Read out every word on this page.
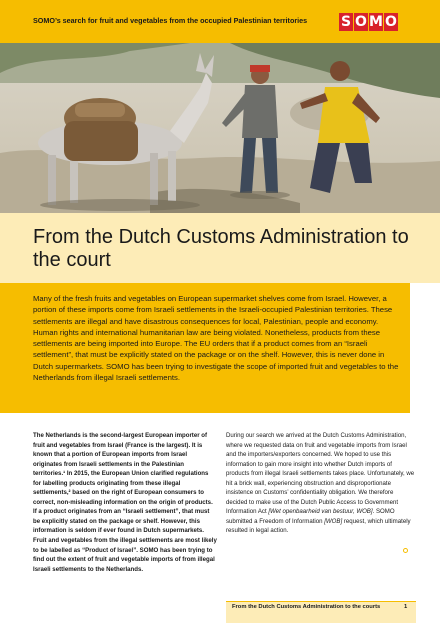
SOMO’s search for fruit and vegetables from the occupied Palestinian territories S O M O
From the Dutch Customs Administration to the court

Many of the fresh fruits and vegetables on European supermarket shelves come from Israel. However, a portion of these imports come from Israeli settlements in the Israeli-occupied Palestinian territories. These settlements are illegal and have disastrous consequences for local, Palestinian, people and economy. Human rights and international humanitarian law are being violated. Nonetheless, products from these settlements are being imported into Europe. The EU orders that if a product comes from an “Israeli settlement”, that must be explicitly stated on the package or on the shelf. However, this is never done in Dutch supermarkets. SOMO has been trying to investigate the scope of imported fruit and vegetables to the Netherlands from illegal Israeli settlements.

The Netherlands is the second-largest European importer of fruit and vegetables from Israel (France is the largest). It is known that a portion of European imports from Israel originates from Israeli settlements in the Palestinian territories.¹ In 2015, the European Union clarified regulations for labelling products originating from these illegal settlements,² based on the right of European consumers to correct, non-misleading information on the origin of products. If a product originates from an “Israeli settlement”, that must be explicitly stated on the package or shelf. However, this information is seldom if ever found in Dutch supermarkets. Fruit and vegetables from the illegal settlements are most likely to be labelled as “Product of Israel”. SOMO has been trying to find out the extent of fruit and vegetable imports of from illegal Israeli settlements to the Netherlands.

During our search we arrived at the Dutch Customs Administration, where we requested data on fruit and vegetable imports from Israel and the importers/exporters concerned. We hoped to use this information to gain more insight into whether Dutch imports of products from illegal Israeli settlements takes place. Unfortunately, we hit a brick wall, experiencing obstruction and disproportionate insistence on Customs’ confidentiality obligation. We therefore decided to make use of the Dutch Public Access to Government Information Act [Wet openbaarheid van bestuur, WOB]. SOMO submitted a Freedom of Information [WOB] request, which ultimately resulted in legal action.

From the Dutch Customs Administration to the courts	1
